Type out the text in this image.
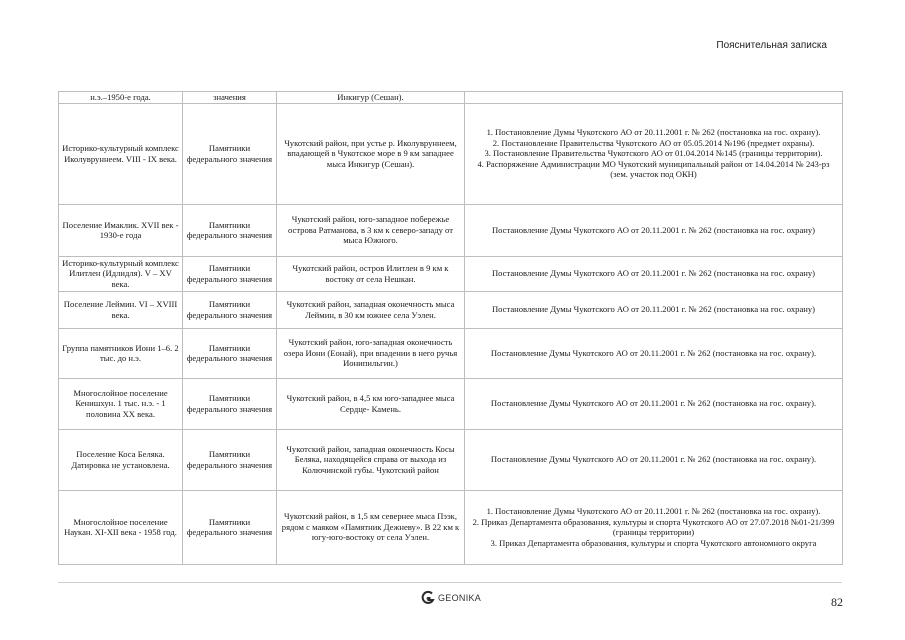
Пояснительная записка
н.э.–1950-е года.	значения	Инкигур (Сешан).	
Историко-культурный комплекс Иколувруннеем. VIII - IX века.	Памятники федерального значения	Чукотский район, при устье р. Иколувруннеем, впадающей в Чукотское море в 9 км западнее мыса Инкигур (Сешан).	1. Постановление Думы Чукотского АО от 20.11.2001 г. № 262 (постановка на гос. охрану).
2. Постановление Правительства Чукотского АО от 05.05.2014 №196 (предмет охраны).
3. Постановление Правительства Чукотского АО от 01.04.2014 №145 (границы территории).
4. Распоряжение Администрации МО Чукотский муниципальный район от 14.04.2014 № 243-рз (зем. участок под ОКН)

Поселение Имаклик. XVII век - 1930-е года	Памятники федерального значения	Чукотский район, юго-западное побережье острова Ратманова, в 3 км к северо-западу от мыса Южного.	Постановление Думы Чукотского АО от 20.11.2001 г. № 262 (постановка на гос. охрану)

Историко-культурный комплекс Илитлен (Идлидля). V – XV века.	Памятники федерального значения	Чукотский район, остров Илитлен в 9 км к востоку от села Нешкан.	Постановление Думы Чукотского АО от 20.11.2001 г. № 262 (постановка на гос. охрану)

Поселение Леймин. VI – XVIII века.	Памятники федерального значения	Чукотский район, западная оконечность мыса Леймин, в 30 км южнее села Уэлен.	Постановление Думы Чукотского АО от 20.11.2001 г. № 262 (постановка на гос. охрану)

Группа памятников Иони 1–6. 2 тыс. до н.э.	Памятники федерального значения	Чукотский район, юго-западная оконечность озера Иони (Еонай), при впадении в него ручья Ионипильгин.)	Постановление Думы Чукотского АО от 20.11.2001 г. № 262 (постановка на гос. охрану).

Многослойное поселение Кенишхун. 1 тыс. н.э. - 1 половина XX века.	Памятники федерального значения	Чукотский район, в 4,5 км юго-западнее мыса Сердце- Камень.	Постановление Думы Чукотского АО от 20.11.2001 г. № 262 (постановка на гос. охрану).

Поселение Коса Беляка. Датировка не установлена.	Памятники федерального значения	Чукотский район, западная оконечность Косы Беляка, находящейся справа от выхода из Колючинской губы. Чукотский район	Постановление Думы Чукотского АО от 20.11.2001 г. № 262 (постановка на гос. охрану).

Многослойное поселение Наукан. XI-XII века - 1958 год.	Памятники федерального значения	Чукотский район, в 1,5 км севернее мыса Пээк, рядом с маяком «Памятник Дежневу». В 22 км к югу-юго-востоку от села Уэлен.	1. Постановление Думы Чукотского АО от 20.11.2001 г. № 262 (постановка на гос. охрану).
2. Приказ Департамента образования, культуры и спорта Чукотского АО от 27.07.2018 №01-21/399 (границы территории)
3. Приказ Департамента образования, культуры и спорта Чукотского автономного округа
GEONIKA	82
